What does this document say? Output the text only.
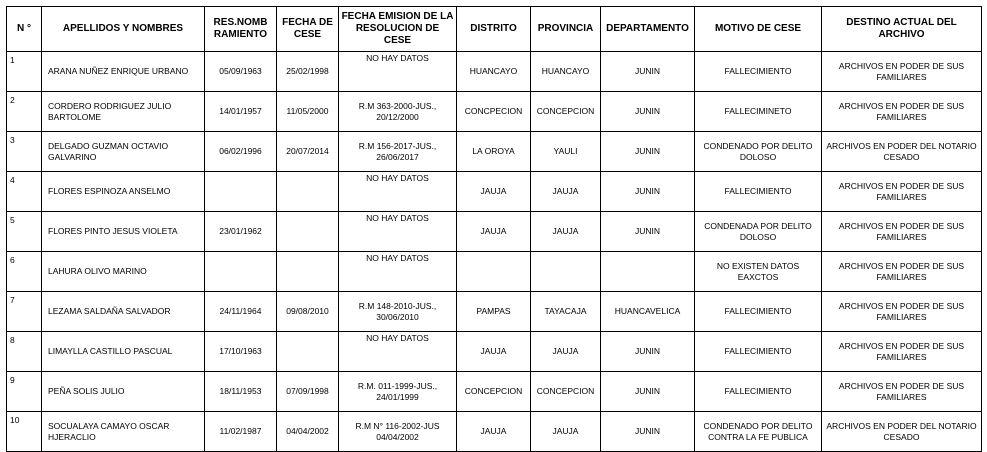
N °	APELLIDOS Y NOMBRES	RES.NOMB RAMIENTO	FECHA DE CESE	FECHA EMISION DE LA RESOLUCION DE CESE	DISTRITO	PROVINCIA	DEPARTAMENTO	MOTIVO DE CESE	DESTINO ACTUAL DEL ARCHIVO
1	ARANA NUÑEZ ENRIQUE URBANO	05/09/1963	25/02/1998	NO HAY DATOS	HUANCAYO	HUANCAYO	JUNIN	FALLECIMIENTO	ARCHIVOS EN PODER DE SUS FAMILIARES
2	CORDERO RODRIGUEZ JULIO BARTOLOME	14/01/1957	11/05/2000	R.M 363-2000-JUS., 20/12/2000	CONCPECION	CONCEPCION	JUNIN	FALLECIMINETO	ARCHIVOS EN PODER DE SUS FAMILIARES
3	DELGADO GUZMAN OCTAVIO GALVARINO	06/02/1996	20/07/2014	R.M 156-2017-JUS., 26/06/2017	LA OROYA	YAULI	JUNIN	CONDENADO POR DELITO DOLOSO	ARCHIVOS EN PODER DEL NOTARIO CESADO
4	FLORES ESPINOZA ANSELMO			NO HAY DATOS	JAUJA	JAUJA	JUNIN	FALLECIMIENTO	ARCHIVOS EN PODER DE SUS FAMILIARES
5	FLORES PINTO JESUS VIOLETA	23/01/1962		NO HAY DATOS	JAUJA	JAUJA	JUNIN	CONDENADA POR DELITO DOLOSO	ARCHIVOS EN PODER DE SUS FAMILIARES
6	LAHURA OLIVO MARINO			NO HAY DATOS				NO EXISTEN DATOS EAXCTOS	ARCHIVOS EN PODER DE SUS FAMILIARES
7	LEZAMA SALDAÑA SALVADOR	24/11/1964	09/08/2010	R.M 148-2010-JUS., 30/06/2010	PAMPAS	TAYACAJA	HUANCAVELICA	FALLECIMIENTO	ARCHIVOS EN PODER DE SUS FAMILIARES
8	LIMAYLLA CASTILLO PASCUAL	17/10/1963		NO HAY DATOS	JAUJA	JAUJA	JUNIN	FALLECIMIENTO	ARCHIVOS EN PODER DE SUS FAMILIARES
9	PEÑA SOLIS JULIO	18/11/1953	07/09/1998	R.M. 011-1999-JUS., 24/01/1999	CONCEPCION	CONCEPCION	JUNIN	FALLECIMIENTO	ARCHIVOS EN PODER DE SUS FAMILIARES
10	SOCUALAYA CAMAYO OSCAR HJERACLIO	11/02/1987	04/04/2002	R.M N° 116-2002-JUS 04/04/2002	JAUJA	JAUJA	JUNIN	CONDENADO POR DELITO CONTRA LA FE PUBLICA	ARCHIVOS EN PODER DEL NOTARIO CESADO
